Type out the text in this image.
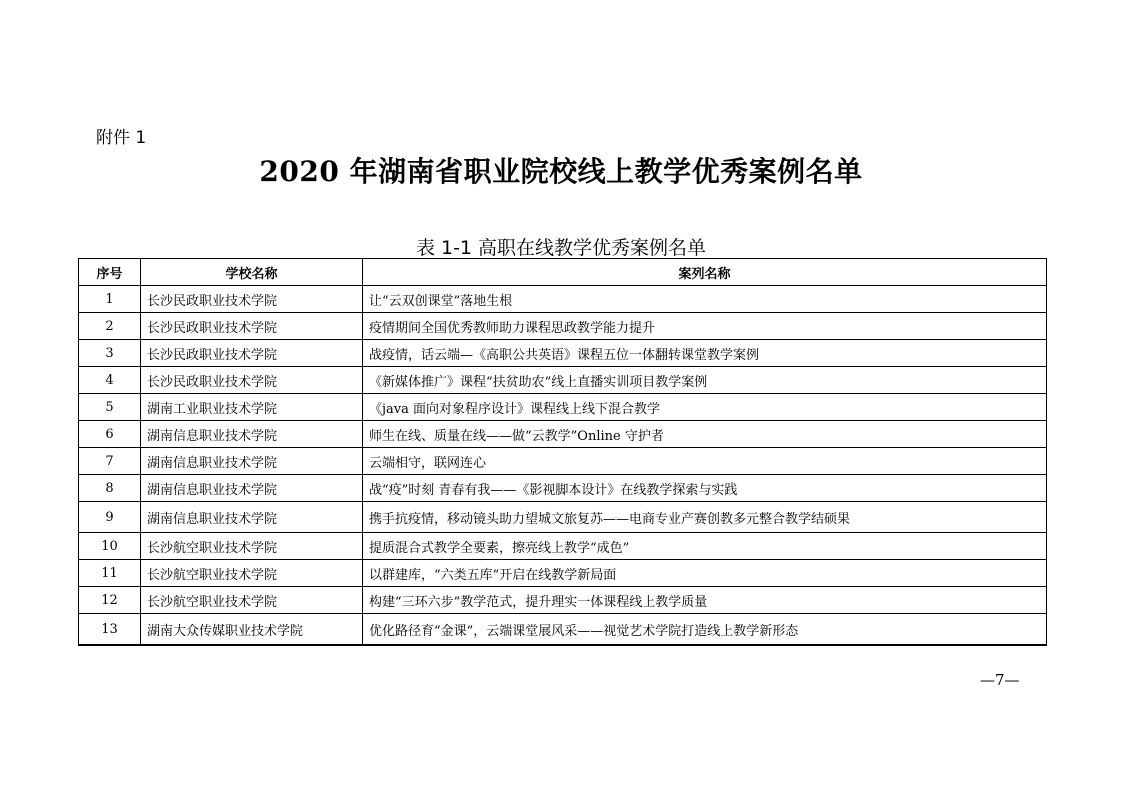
附件 1
2020 年湖南省职业院校线上教学优秀案例名单
表 1-1 高职在线教学优秀案例名单
序号	学校名称	案列名称
1	长沙民政职业技术学院	让“云双创课堂”落地生根
2	长沙民政职业技术学院	疫情期间全国优秀教师助力课程思政教学能力提升
3	长沙民政职业技术学院	战疫情，话云端—《高职公共英语》课程五位一体翻转课堂教学案例
4	长沙民政职业技术学院	《新媒体推广》课程“扶贫助农”线上直播实训项目教学案例
5	湖南工业职业技术学院	《java 面向对象程序设计》课程线上线下混合教学
6	湖南信息职业技术学院	师生在线、质量在线——做“云教学”Online 守护者
7	湖南信息职业技术学院	云端相守，联网连心
8	湖南信息职业技术学院	战“疫”时刻 青春有我——《影视脚本设计》在线教学探索与实践
9	湖南信息职业技术学院	携手抗疫情，移动镜头助力望城文旅复苏——电商专业产赛创教多元整合教学结硕果
10	长沙航空职业技术学院	提质混合式教学全要素，擦亮线上教学“成色”
11	长沙航空职业技术学院	以群建库，“六类五库”开启在线教学新局面
12	长沙航空职业技术学院	构建“三环六步”教学范式，提升理实一体课程线上教学质量
13	湖南大众传媒职业技术学院	优化路径育“金课”，云端课堂展风采——视觉艺术学院打造线上教学新形态
—7—
